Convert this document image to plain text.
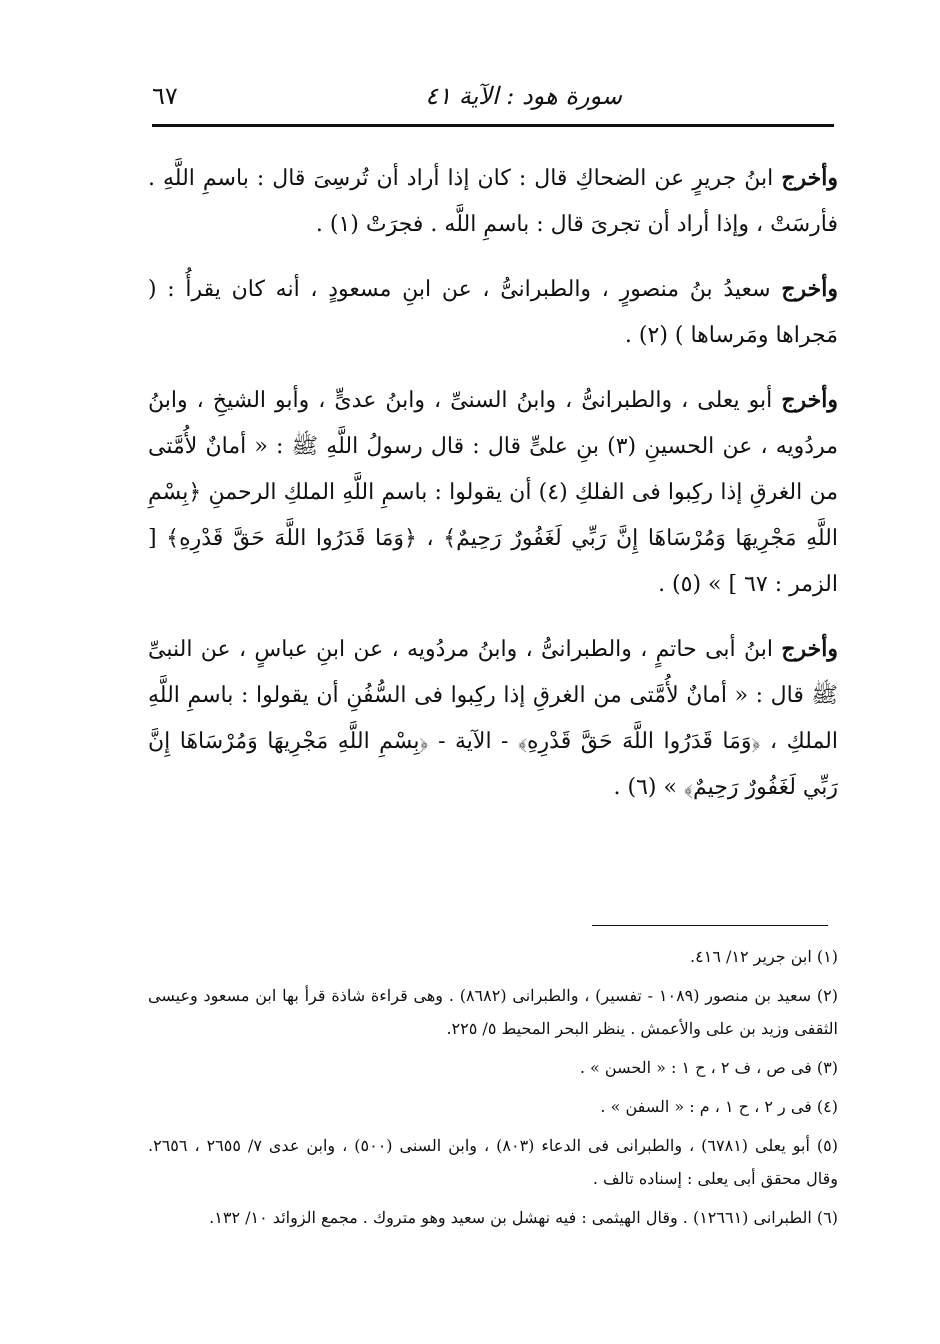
سورة هود : الآية ٤١
٦٧

وأخرج ابنُ جريرٍ عن الضحاكِ قال : كان إذا أراد أن تُرسِىَ قال : باسمِ اللَّهِ . فأرسَتْ ، وإذا أراد أن تجرىَ قال : باسمِ اللَّه . فجرَتْ (١) .

وأخرج سعيدُ بنُ منصورٍ ، والطبرانىُّ ، عن ابنِ مسعودٍ ، أنه كان يقرأُ : ( مَجراها ومَرساها ) (٢) .

وأخرج أبو يعلى ، والطبرانىُّ ، وابنُ السنىِّ ، وابنُ عدىٍّ ، وأبو الشيخِ ، وابنُ مردُويه ، عن الحسينِ (٣) بنِ علىٍّ قال : قال رسولُ اللَّهِ ﷺ : « أمانٌ لأُمَّتى من الغرقِ إذا ركِبوا فى الفلكِ (٤) أن يقولوا : باسمِ اللَّهِ الملكِ الرحمنِ ﴿بِسْمِ اللَّهِ مَجْرِيهَا وَمُرْسَاهَا إِنَّ رَبِّي لَغَفُورٌ رَحِيمٌ﴾ ، ﴿وَمَا قَدَرُوا اللَّهَ حَقَّ قَدْرِهِ﴾ [ الزمر : ٦٧ ] » (٥) .

وأخرج ابنُ أبى حاتمٍ ، والطبرانىُّ ، وابنُ مردُويه ، عن ابنِ عباسٍ ، عن النبىِّ ﷺ قال : « أمانٌ لأُمَّتى من الغرقِ إذا ركِبوا فى السُّفُنِ أن يقولوا : باسمِ اللَّهِ الملكِ ، ﴿وَمَا قَدَرُوا اللَّهَ حَقَّ قَدْرِهِ﴾ - الآية - ﴿بِسْمِ اللَّهِ مَجْرِيهَا وَمُرْسَاهَا إِنَّ رَبِّي لَغَفُورٌ رَحِيمٌ﴾ » (٦) .

(١) ابن جرير ١٢/ ٤١٦.

(٢) سعيد بن منصور (١٠٨٩ - تفسير) ، والطبرانى (٨٦٨٢) . وهى قراءة شاذة قرأ بها ابن مسعود وعيسى الثقفى وزيد بن على والأعمش . ينظر البحر المحيط ٥/ ٢٢٥.

(٣) فى ص ، ف ٢ ، ح ١ : « الحسن » .

(٤) فى ر ٢ ، ح ١ ، م : « السفن » .

(٥) أبو يعلى (٦٧٨١) ، والطبرانى فى الدعاء (٨٠٣) ، وابن السنى (٥٠٠) ، وابن عدى ٧/ ٢٦٥٥ ، ٢٦٥٦. وقال محقق أبى يعلى : إسناده تالف .

(٦) الطبرانى (١٢٦٦١) . وقال الهيثمى : فيه نهشل بن سعيد وهو متروك . مجمع الزوائد ١٠/ ١٣٢.
